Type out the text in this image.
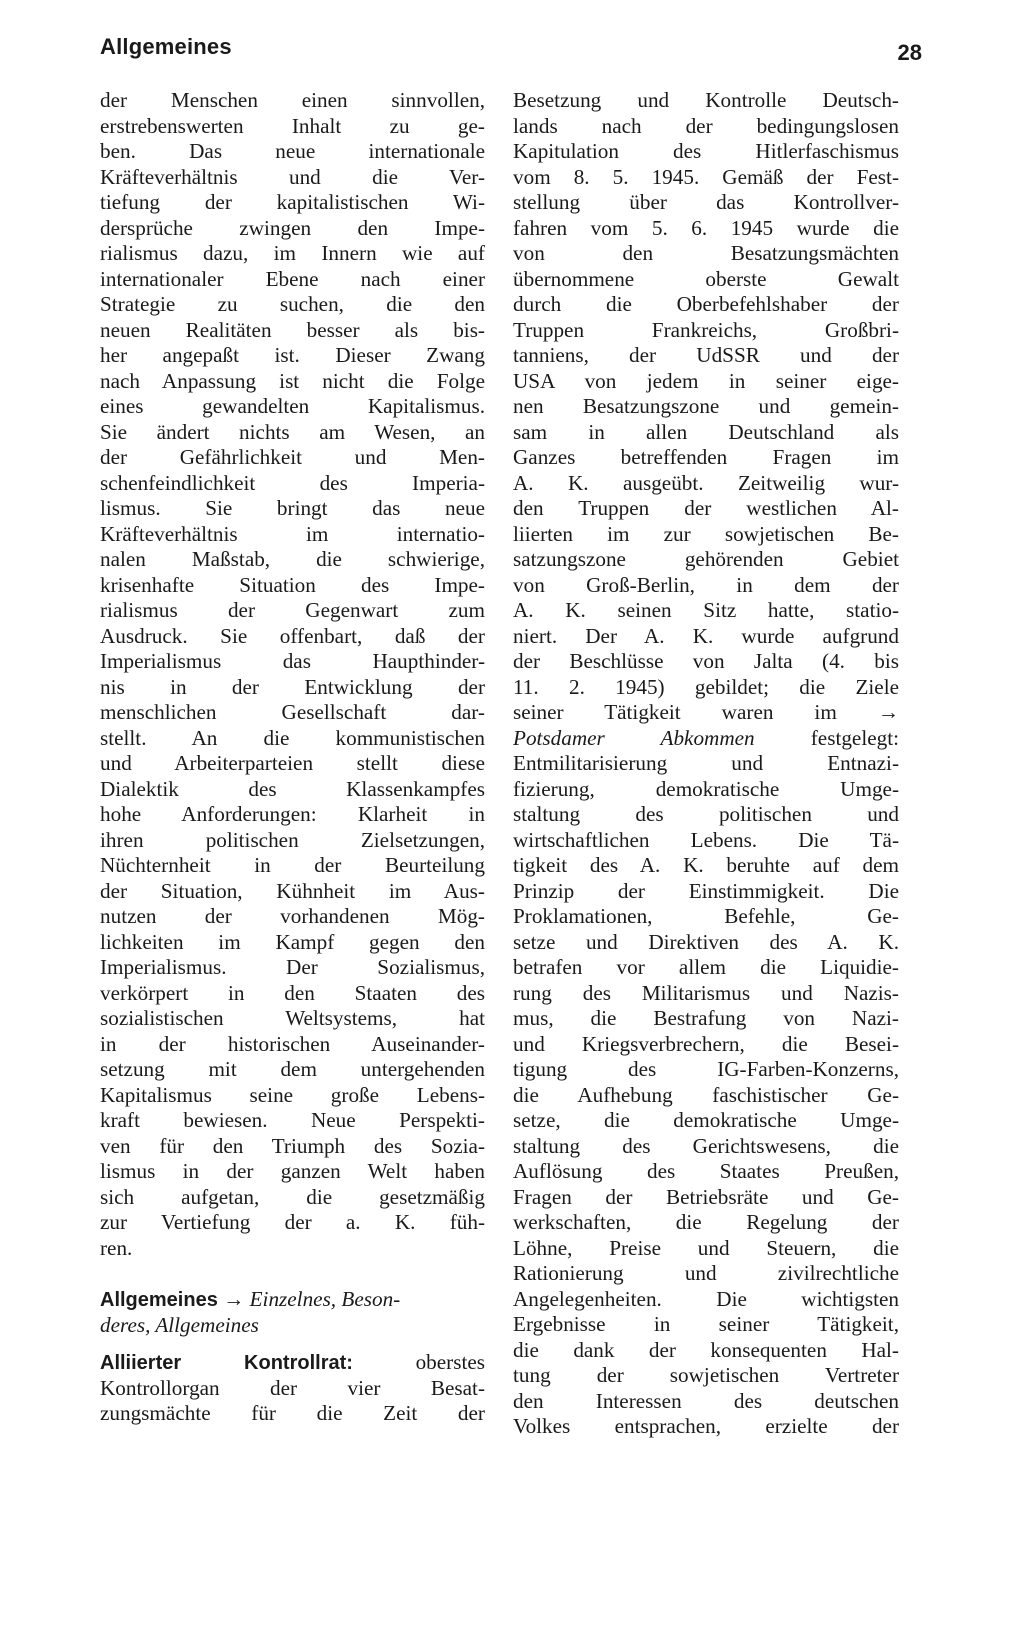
Allgemeines	28
der Menschen einen sinnvollen,
erstrebenswerten Inhalt zu ge-
ben. Das neue internationale
Kräfteverhältnis und die Ver-
tiefung der kapitalistischen Wi-
dersprüche zwingen den Impe-
rialismus dazu, im Innern wie auf
internationaler Ebene nach einer
Strategie zu suchen, die den
neuen Realitäten besser als bis-
her angepaßt ist. Dieser Zwang
nach Anpassung ist nicht die Folge
eines gewandelten Kapitalismus.
Sie ändert nichts am Wesen, an
der Gefährlichkeit und Men-
schenfeindlichkeit des Imperia-
lismus. Sie bringt das neue
Kräfteverhältnis im internatio-
nalen Maßstab, die schwierige,
krisenhafte Situation des Impe-
rialismus der Gegenwart zum
Ausdruck. Sie offenbart, daß der
Imperialismus das Haupthinder-
nis in der Entwicklung der
menschlichen Gesellschaft dar-
stellt. An die kommunistischen
und Arbeiterparteien stellt diese
Dialektik des Klassenkampfes
hohe Anforderungen: Klarheit in
ihren politischen Zielsetzungen,
Nüchternheit in der Beurteilung
der Situation, Kühnheit im Aus-
nutzen der vorhandenen Mög-
lichkeiten im Kampf gegen den
Imperialismus. Der Sozialismus,
verkörpert in den Staaten des
sozialistischen Weltsystems, hat
in der historischen Auseinander-
setzung mit dem untergehenden
Kapitalismus seine große Lebens-
kraft bewiesen. Neue Perspekti-
ven für den Triumph des Sozia-
lismus in der ganzen Welt haben
sich aufgetan, die gesetzmäßig
zur Vertiefung der a. K. füh-
ren.
Allgemeines → Einzelnes, Beson-
deres, Allgemeines
Alliierter Kontrollrat:	oberstes
Kontrollorgan der vier Besat-
zungsmächte für die Zeit der
Besetzung und Kontrolle Deutsch-
lands nach der bedingungslosen
Kapitulation des Hitlerfaschismus
vom 8. 5. 1945. Gemäß der Fest-
stellung über das Kontrollver-
fahren vom 5. 6. 1945 wurde die
von den Besatzungsmächten
übernommene oberste Gewalt
durch die Oberbefehlshaber der
Truppen Frankreichs, Großbri-
tanniens, der UdSSR und der
USA von jedem in seiner eige-
nen Besatzungszone und gemein-
sam in allen Deutschland als
Ganzes betreffenden Fragen im
A. K. ausgeübt. Zeitweilig wur-
den Truppen der westlichen Al-
liierten im zur sowjetischen Be-
satzungszone gehörenden Gebiet
von Groß-Berlin, in dem der
A. K. seinen Sitz hatte, statio-
niert. Der A. K. wurde aufgrund
der Beschlüsse von Jalta (4. bis
11. 2. 1945) gebildet; die Ziele
seiner Tätigkeit waren im →
Potsdamer Abkommen	festgelegt:
Entmilitarisierung und Entnazi-
fizierung, demokratische Umge-
staltung des politischen und
wirtschaftlichen Lebens. Die Tä-
tigkeit des A. K. beruhte auf dem
Prinzip der Einstimmigkeit. Die
Proklamationen, Befehle, Ge-
setze und Direktiven des A. K.
betrafen vor allem die Liquidie-
rung des Militarismus und Nazis-
mus, die Bestrafung von Nazi-
und Kriegsverbrechern, die Besei-
tigung des IG-Farben-Konzerns,
die Aufhebung faschistischer Ge-
setze, die demokratische Umge-
staltung des Gerichtswesens, die
Auflösung des Staates Preußen,
Fragen der Betriebsräte und Ge-
werkschaften, die Regelung der
Löhne, Preise und Steuern, die
Rationierung und zivilrechtliche
Angelegenheiten. Die wichtigsten
Ergebnisse in seiner Tätigkeit,
die dank der konsequenten Hal-
tung der sowjetischen Vertreter
den Interessen des deutschen
Volkes entsprachen, erzielte der
